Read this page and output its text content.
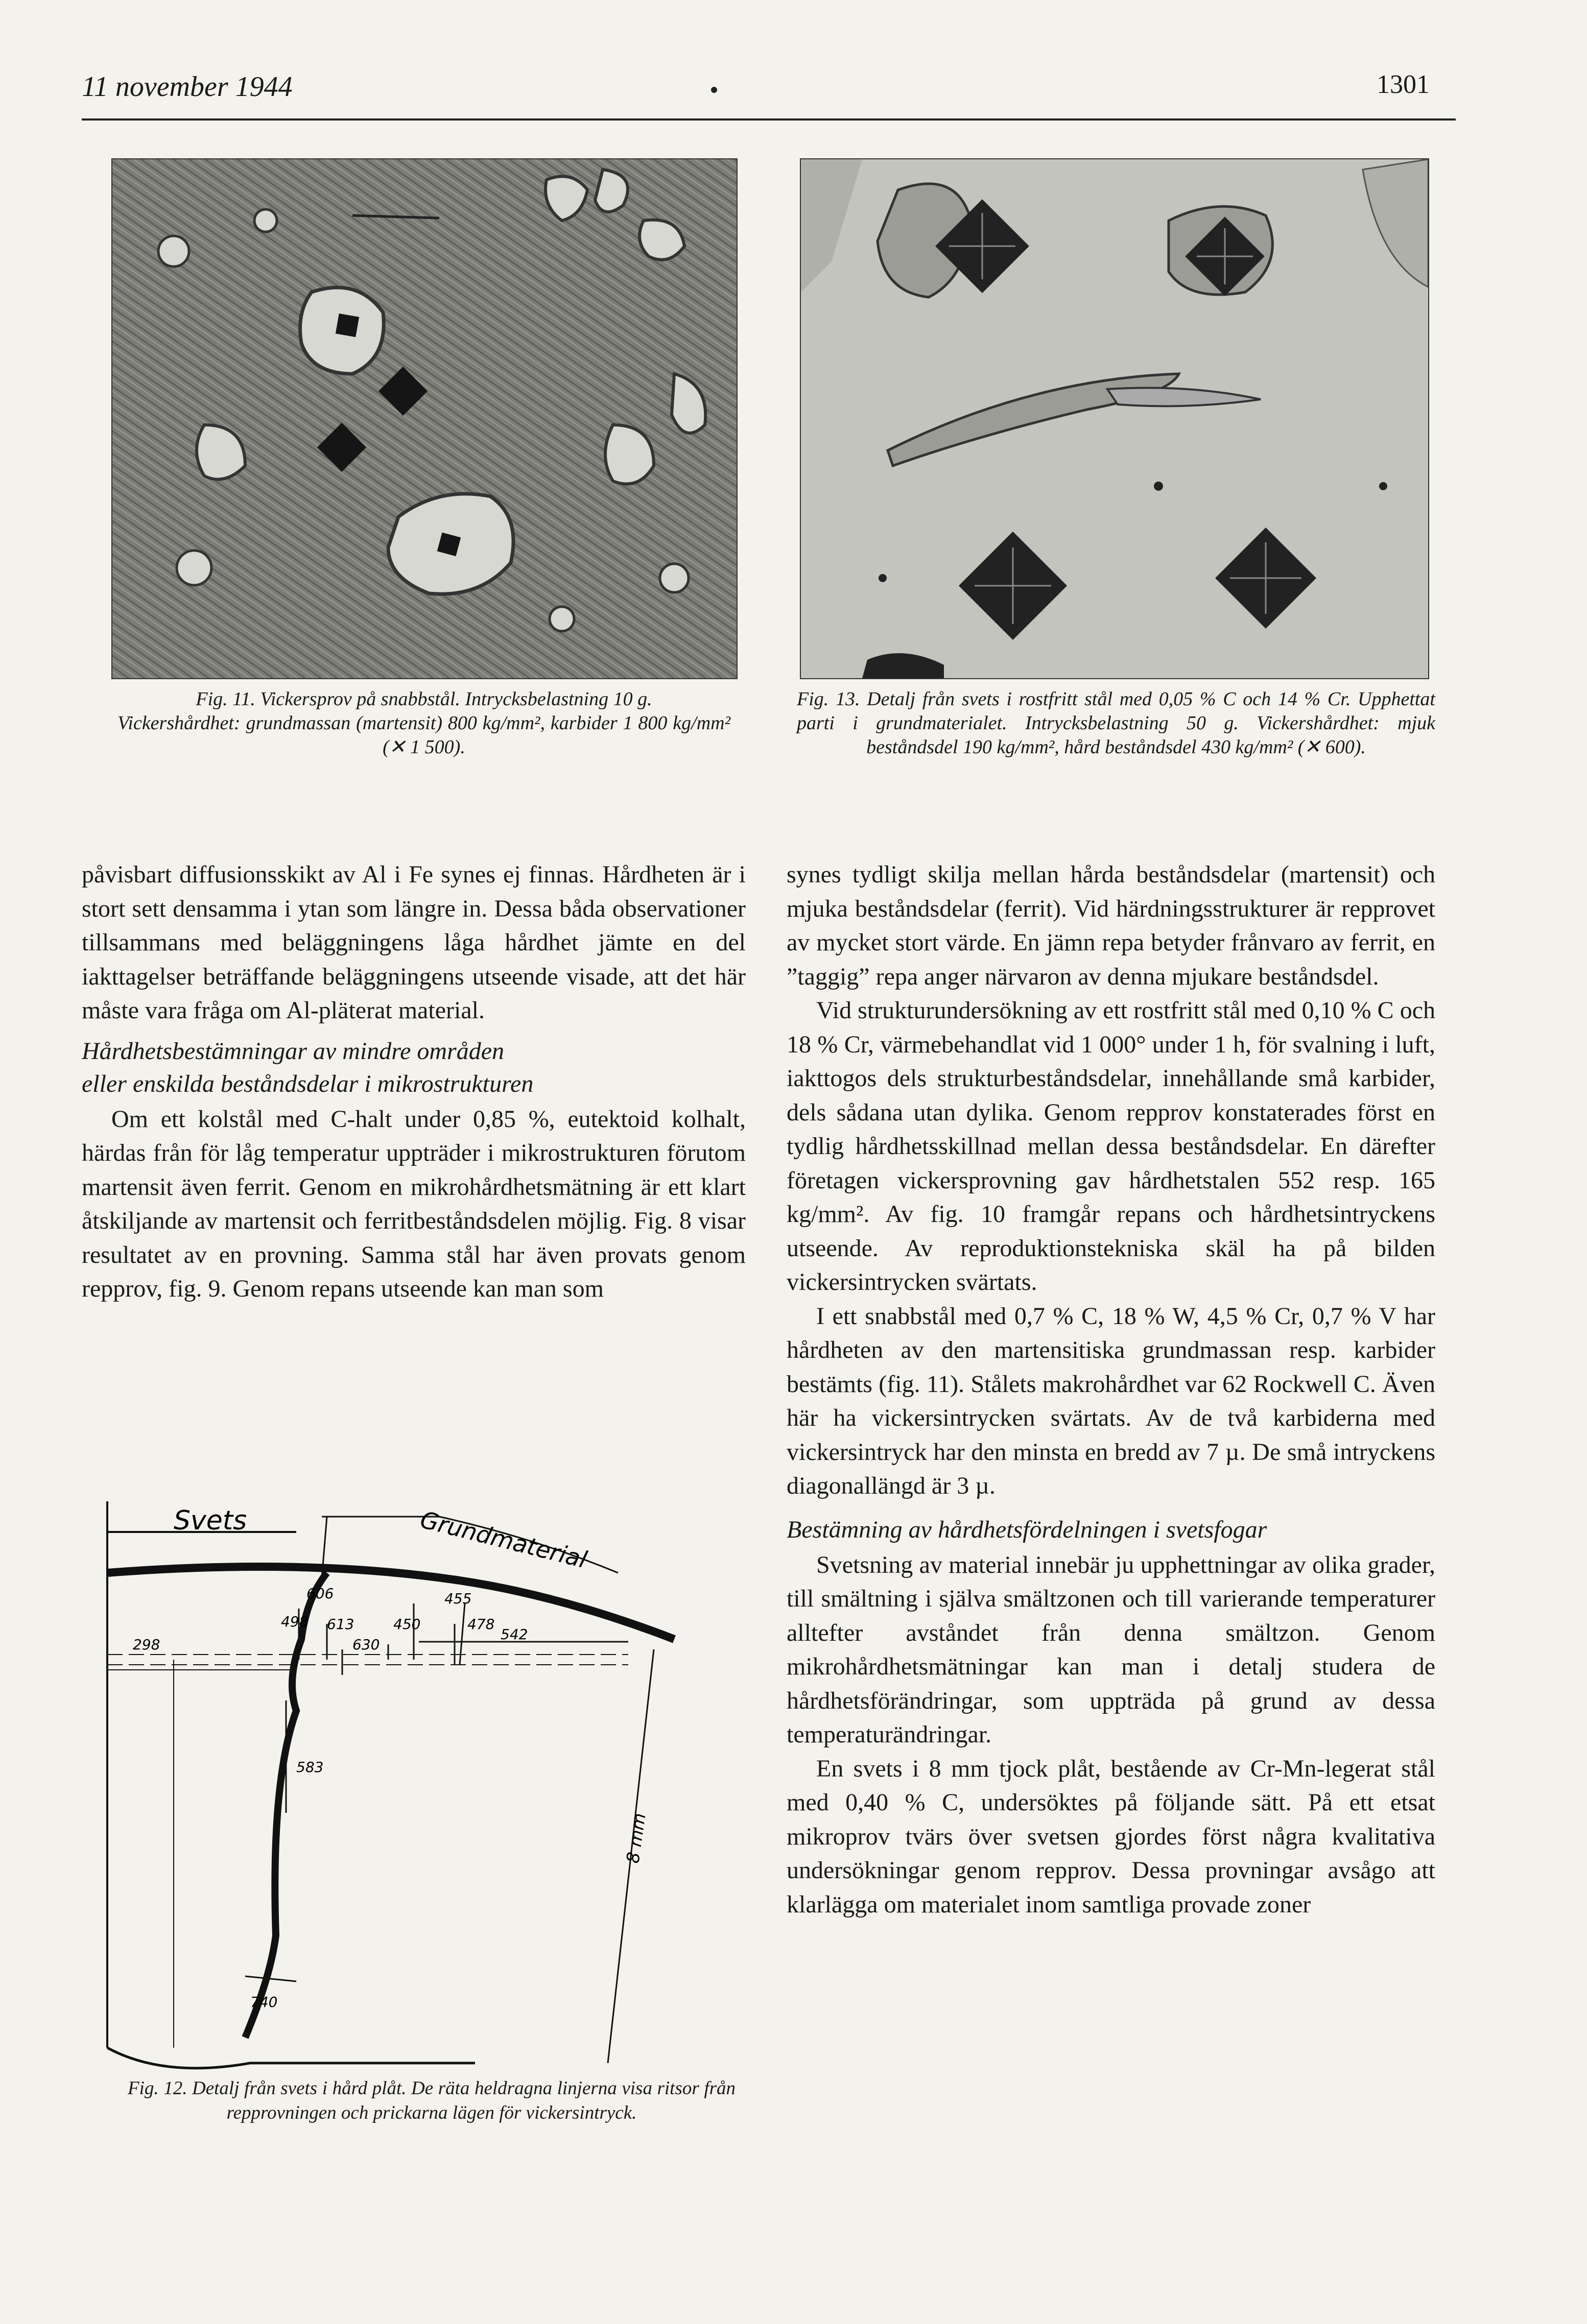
11 november 1944	1301
Fig. 11. Vickersprov på snabbstål. Intrycksbelastning 10 g.
Vickershårdhet: grundmassan (martensit) 800 kg/mm², karbider 1 800 kg/mm² (✕ 1 500).
Fig. 13. Detalj från svets i rostfritt stål med 0,05 % C och 14 % Cr. Upphettat parti i grundmaterialet. Intrycksbelastning 50 g. Vickershårdhet: mjuk beståndsdel 190 kg/mm², hård beståndsdel 430 kg/mm² (✕ 600).

påvisbart diffusionsskikt av Al i Fe synes ej finnas. Hårdheten är i stort sett densamma i ytan som längre in. Dessa båda observationer tillsammans med beläggningens låga hårdhet jämte en del iakttagelser beträffande beläggningens utseende visade, att det här måste vara fråga om Al-pläterat material.

Hårdhetsbestämningar av mindre områden
eller enskilda beståndsdelar i mikrostrukturen

Om ett kolstål med C-halt under 0,85 %, eutektoid kolhalt, härdas från för låg temperatur uppträder i mikrostrukturen förutom martensit även ferrit. Genom en mikrohårdhetsmätning är ett klart åtskiljande av martensit och ferritbeståndsdelen möjlig. Fig. 8 visar resultatet av en provning. Samma stål har även provats genom repprov, fig. 9. Genom repans utseende kan man som

Svets	Grundmaterial
606	455
498 613	450	478
298	630
542
583
740
8 mm
Fig. 12. Detalj från svets i hård plåt. De räta heldragna linjerna visa ritsor från repprovningen och prickarna lägen för vickersintryck.

synes tydligt skilja mellan hårda beståndsdelar (martensit) och mjuka beståndsdelar (ferrit). Vid härdningsstrukturer är repprovet av mycket stort värde. En jämn repa betyder frånvaro av ferrit, en ”taggig” repa anger närvaron av denna mjukare beståndsdel.

Vid strukturundersökning av ett rostfritt stål med 0,10 % C och 18 % Cr, värmebehandlat vid 1 000° under 1 h, för svalning i luft, iakttogos dels strukturbeståndsdelar, innehållande små karbider, dels sådana utan dylika. Genom repprov konstaterades först en tydlig hårdhetsskillnad mellan dessa beståndsdelar. En därefter företagen vickersprovning gav hårdhetstalen 552 resp. 165 kg/mm². Av fig. 10 framgår repans och hårdhetsintryckens utseende. Av reproduktionstekniska skäl ha på bilden vickersintrycken svärtats.

I ett snabbstål med 0,7 % C, 18 % W, 4,5 % Cr, 0,7 % V har hårdheten av den martensitiska grundmassan resp. karbider bestämts (fig. 11). Stålets makrohårdhet var 62 Rockwell C. Även här ha vickersintrycken svärtats. Av de två karbiderna med vickersintryck har den minsta en bredd av 7 µ. De små intryckens diagonallängd är 3 µ.

Bestämning av hårdhetsfördelningen i svetsfogar

Svetsning av material innebär ju upphettningar av olika grader, till smältning i själva smältzonen och till varierande temperaturer alltefter avståndet från denna smältzon. Genom mikrohårdhetsmätningar kan man i detalj studera de hårdhetsförändringar, som uppträda på grund av dessa temperaturändringar.

En svets i 8 mm tjock plåt, bestående av Cr-Mn-legerat stål med 0,40 % C, undersöktes på följande sätt. På ett etsat mikroprov tvärs över svetsen gjordes först några kvalitativa undersökningar genom repprov. Dessa provningar avsågo att klarlägga om materialet inom samtliga provade zoner
